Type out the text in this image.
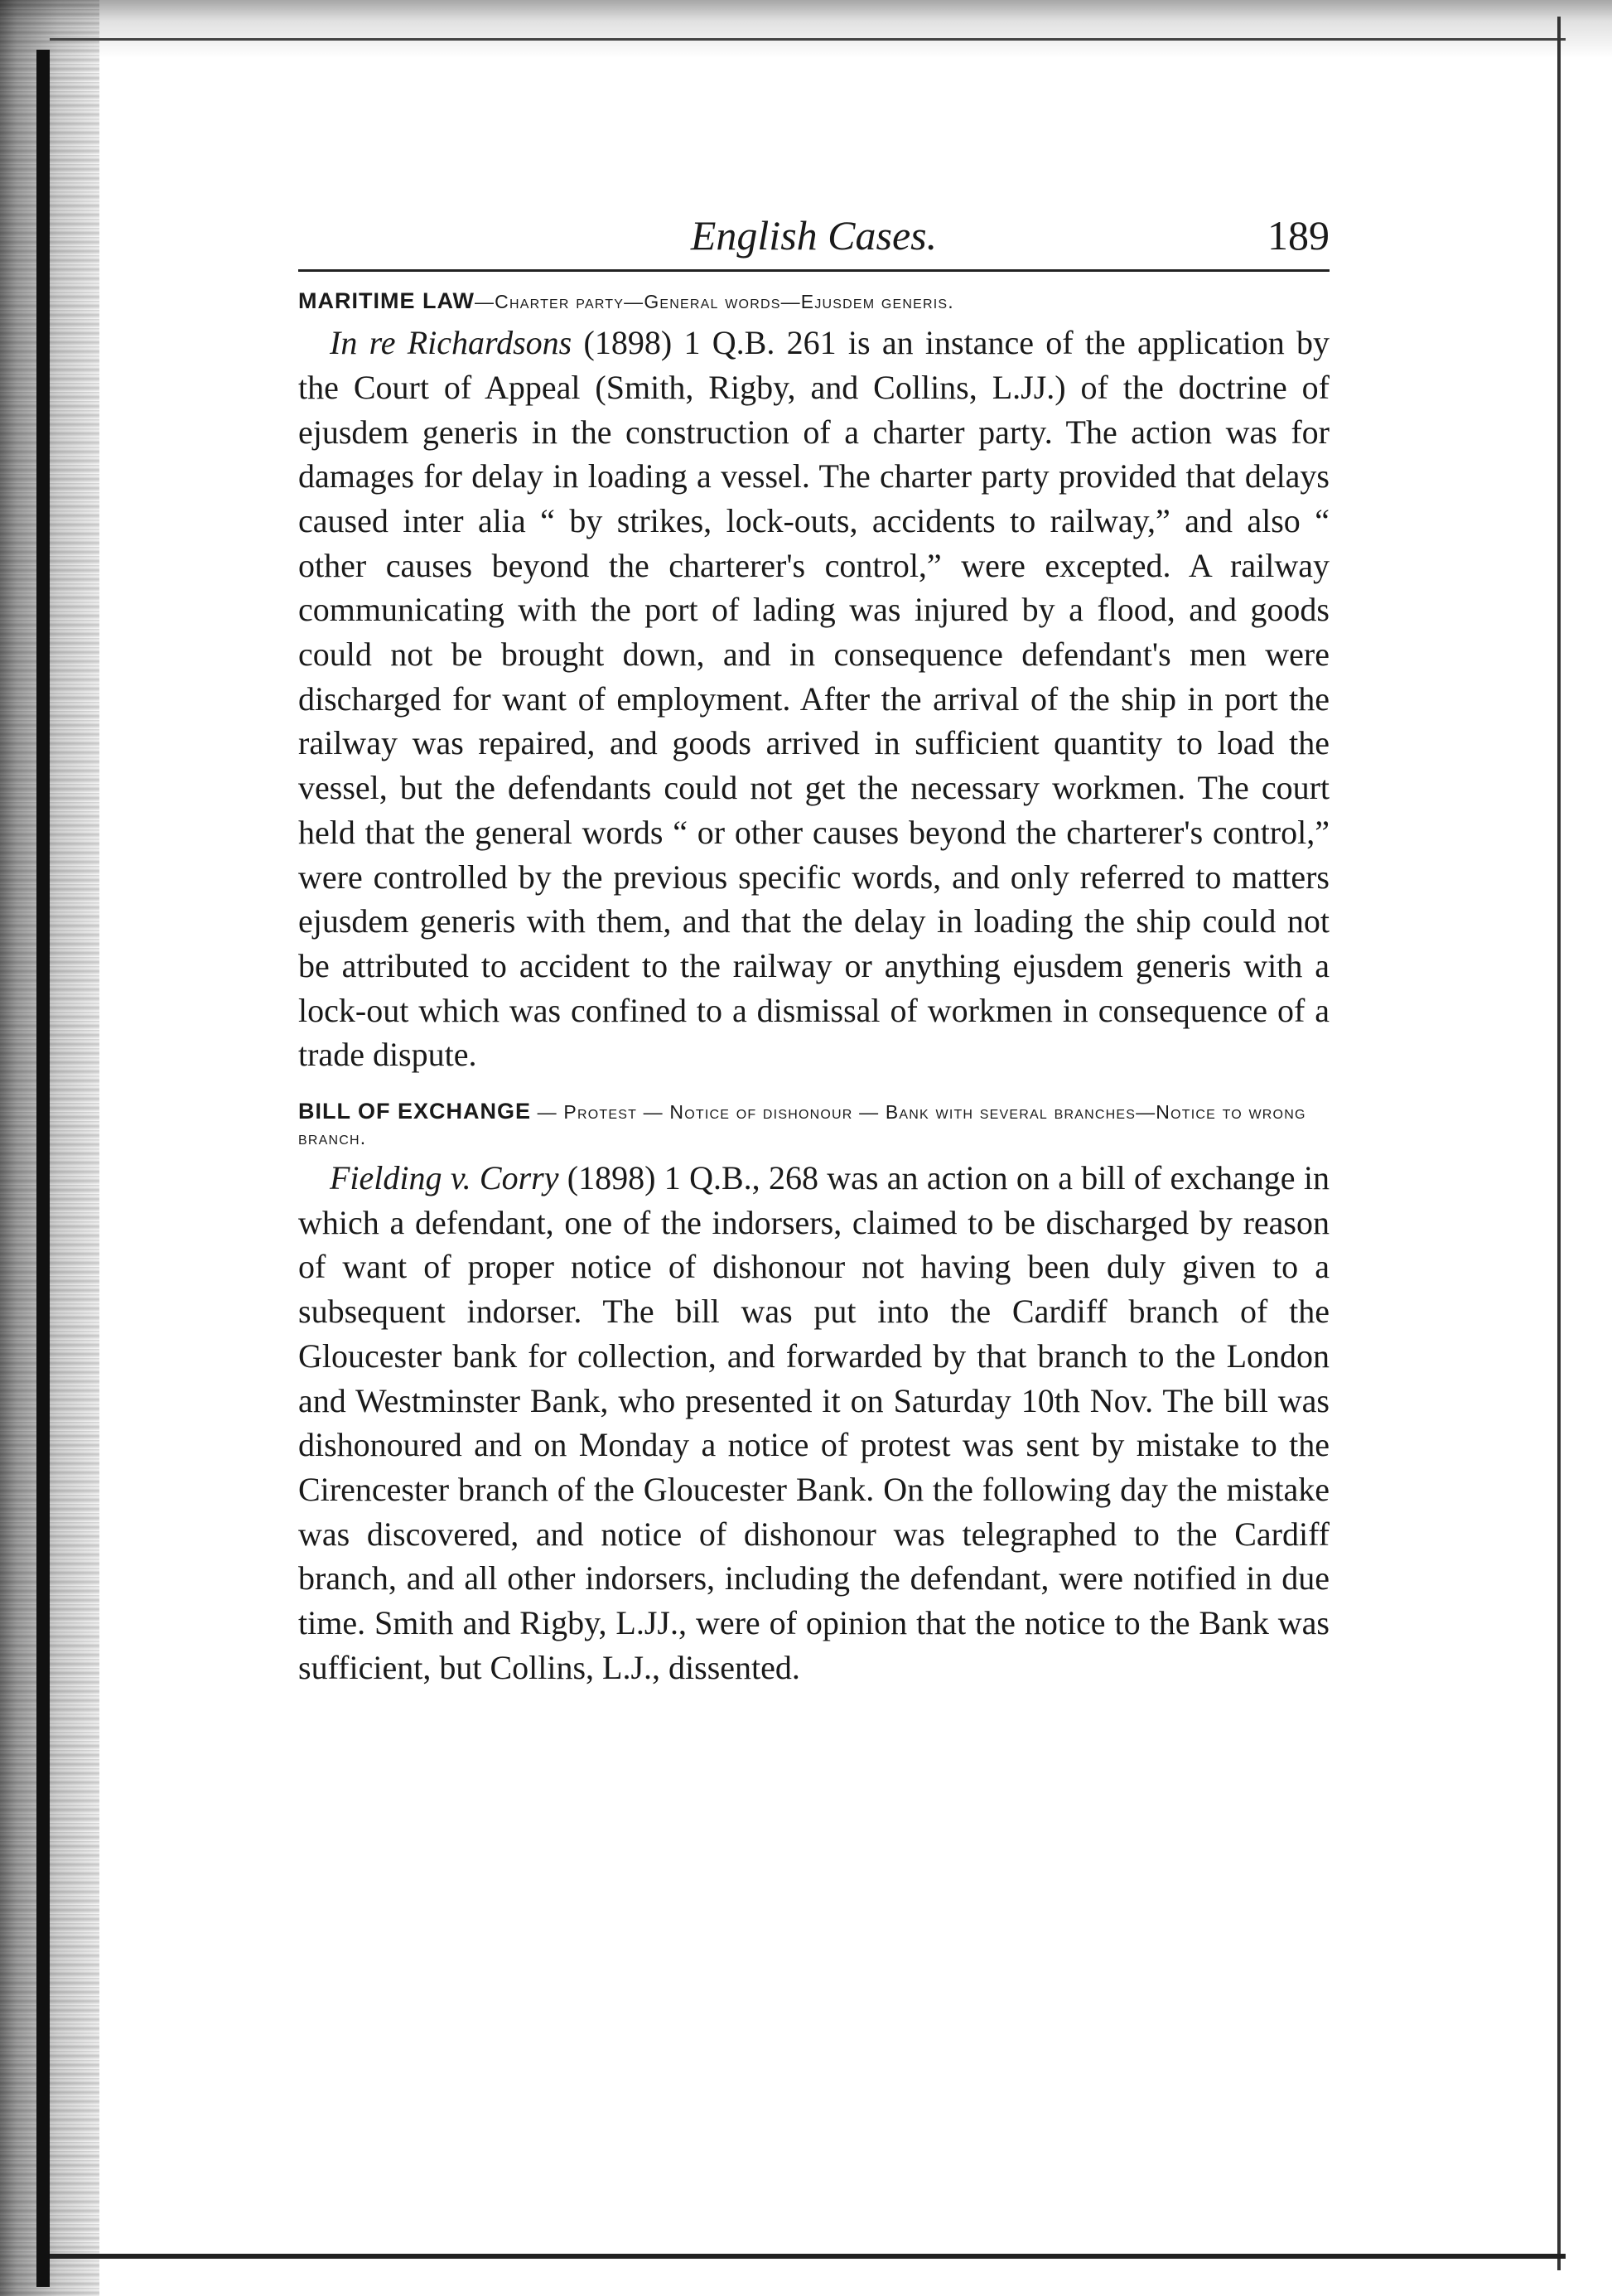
English Cases.	189
MARITIME LAW—Charter party—General words—Ejusdem generis.

In re Richardsons (1898) 1 Q.B. 261 is an instance of the application by the Court of Appeal (Smith, Rigby, and Collins, L.JJ.) of the doctrine of ejusdem generis in the construction of a charter party. The action was for damages for delay in loading a vessel. The charter party provided that delays caused inter alia “ by strikes, lock-outs, accidents to railway,” and also “ other causes beyond the charterer's control,” were excepted. A railway communicating with the port of lading was injured by a flood, and goods could not be brought down, and in consequence defendant's men were discharged for want of employment. After the arrival of the ship in port the railway was repaired, and goods arrived in sufficient quantity to load the vessel, but the defendants could not get the necessary workmen. The court held that the general words “ or other causes beyond the charterer's control,” were controlled by the previous specific words, and only referred to matters ejusdem generis with them, and that the delay in loading the ship could not be attributed to accident to the railway or anything ejusdem generis with a lock-out which was confined to a dismissal of workmen in consequence of a trade dispute.

BILL OF EXCHANGE — Protest — Notice of dishonour — Bank with several branches—Notice to wrong branch.

Fielding v. Corry (1898) 1 Q.B., 268 was an action on a bill of exchange in which a defendant, one of the indorsers, claimed to be discharged by reason of want of proper notice of dishonour not having been duly given to a subsequent indorser. The bill was put into the Cardiff branch of the Gloucester bank for collection, and forwarded by that branch to the London and Westminster Bank, who presented it on Saturday 10th Nov. The bill was dishonoured and on Monday a notice of protest was sent by mistake to the Cirencester branch of the Gloucester Bank. On the following day the mistake was discovered, and notice of dishonour was telegraphed to the Cardiff branch, and all other indorsers, including the defendant, were notified in due time. Smith and Rigby, L.JJ., were of opinion that the notice to the Bank was sufficient, but Collins, L.J., dissented.
